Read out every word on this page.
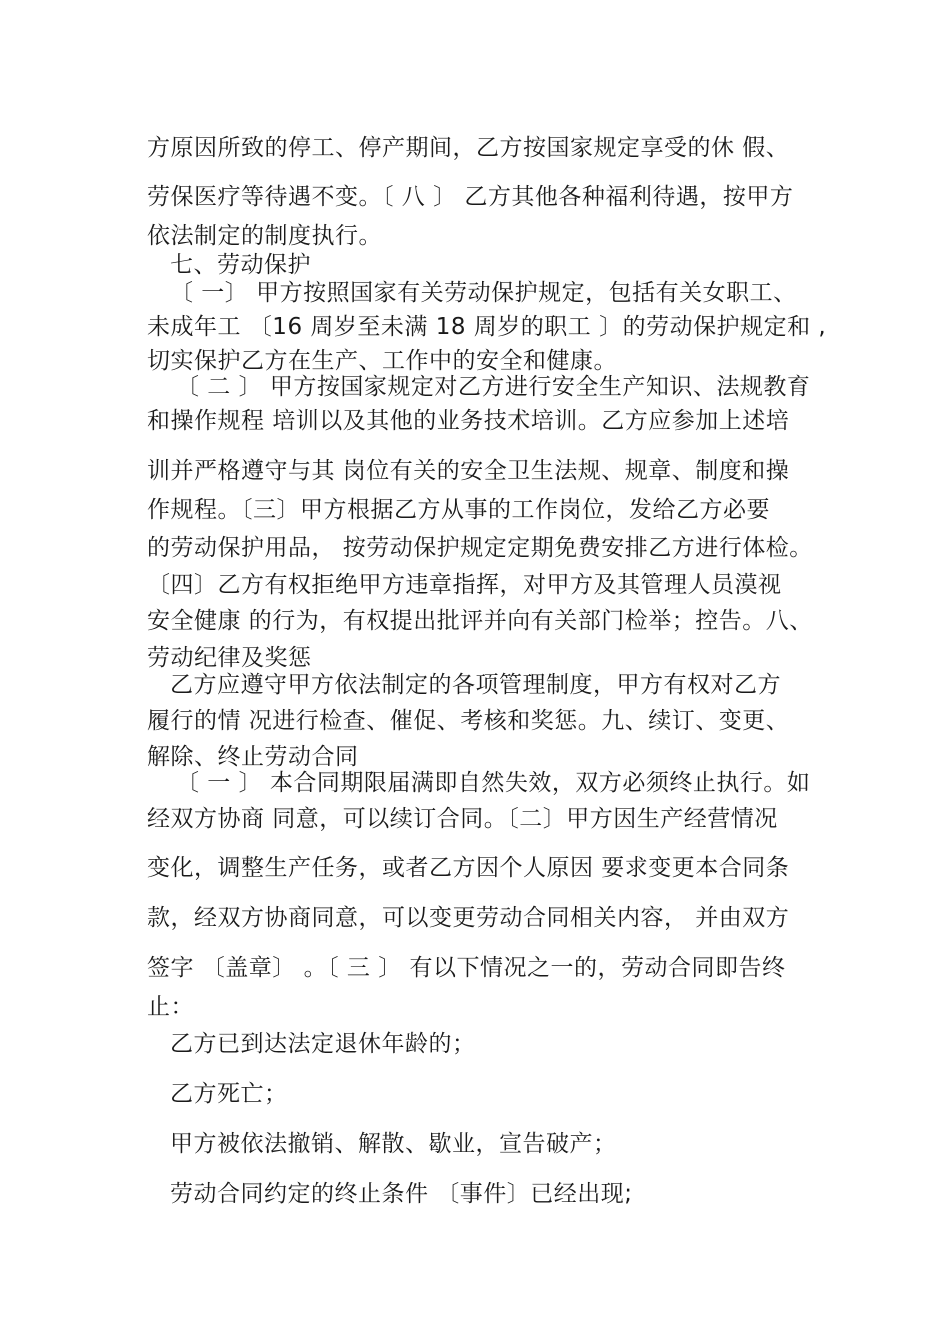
方原因所致的停工、停产期间，乙方按国家规定享受的休 假、
劳保医疗等待遇不变。〔 八 〕 乙方其他各种福利待遇，按甲方
依法制定的制度执行。
七、劳动保护
〔 一〕 甲方按照国家有关劳动保护规定，包括有关女职工、
未成年工 〔16 周岁至未满 18 周岁的职工 〕的劳动保护规定和 ,
切实保护乙方在生产、工作中的安全和健康。
〔 二 〕 甲方按国家规定对乙方进行安全生产知识、法规教育
和操作规程 培训以及其他的业务技术培训。乙方应参加上述培
训并严格遵守与其 岗位有关的安全卫生法规、规章、制度和操
作规程。〔三〕甲方根据乙方从事的工作岗位，发给乙方必要
的劳动保护用品， 按劳动保护规定定期免费安排乙方进行体检。
〔四〕乙方有权拒绝甲方违章指挥，对甲方及其管理人员漠视
安全健康 的行为，有权提出批评并向有关部门检举；控告。八、
劳动纪律及奖惩
乙方应遵守甲方依法制定的各项管理制度，甲方有权对乙方
履行的情 况进行检查、催促、考核和奖惩。九、续订、变更、
解除、终止劳动合同
〔 一 〕 本合同期限届满即自然失效，双方必须终止执行。如
经双方协商 同意，可以续订合同。〔二〕甲方因生产经营情况
变化，调整生产任务，或者乙方因个人原因 要求变更本合同条
款，经双方协商同意，可以变更劳动合同相关内容， 并由双方
签字 〔盖章〕 。〔 三 〕 有以下情况之一的，劳动合同即告终
止：
乙方已到达法定退休年龄的；
乙方死亡；
甲方被依法撤销、解散、歇业，宣告破产；
劳动合同约定的终止条件 〔事件〕已经出现;
